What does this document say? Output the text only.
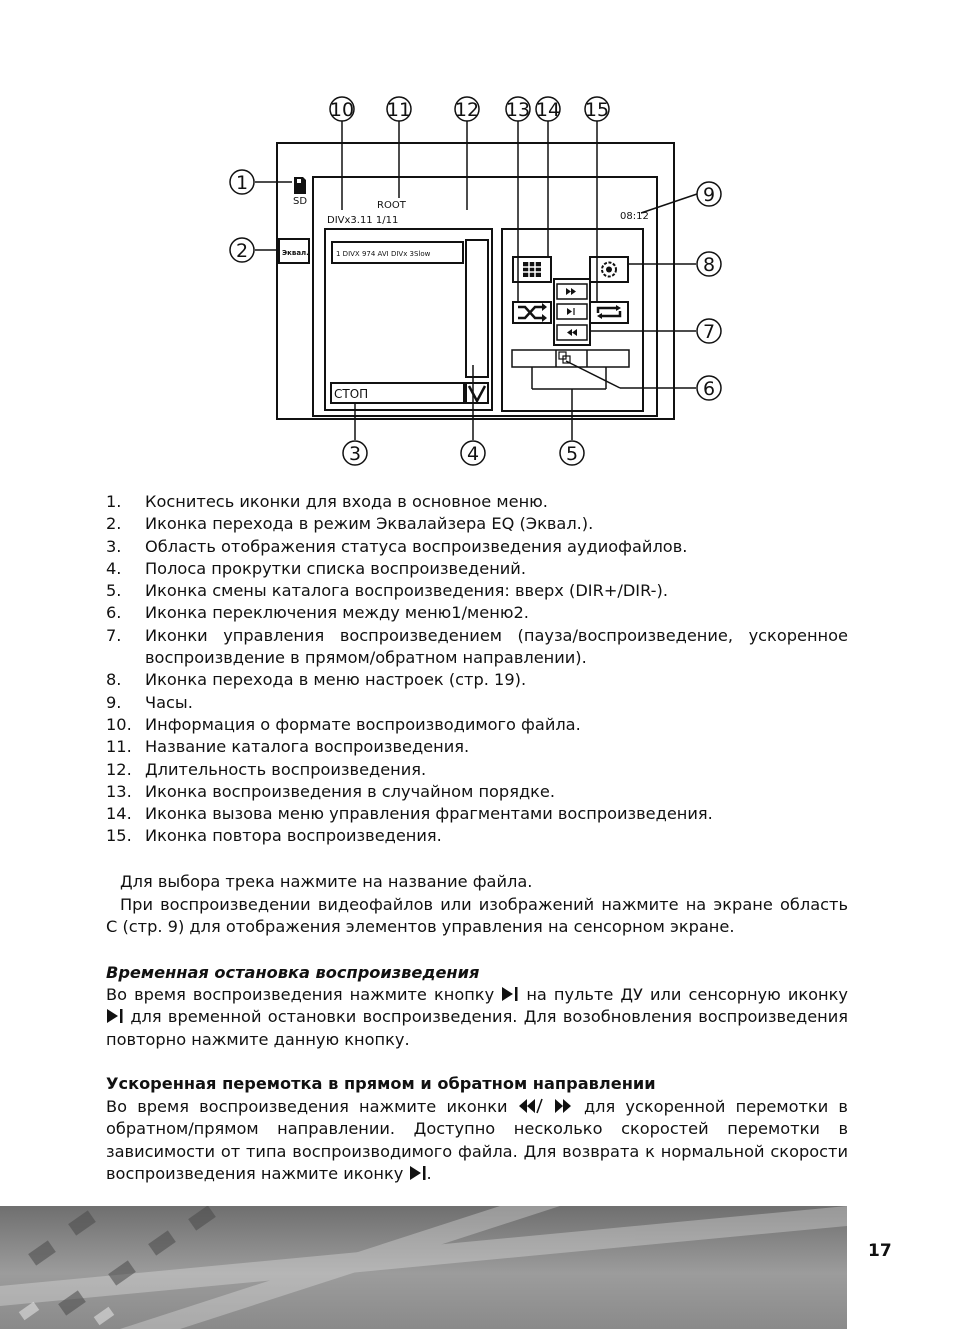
SD
Эквал.
ROOT
DIVx3.11 1/11	08:12
1 DIVX 974 AVI DIVx 3Slow
СТОП
1
2
3	4	5
6
7
8
9
10 11 12 13 14 15
1.	Коснитесь иконки для входа в основное меню.
2.	Иконка перехода в режим Эквалайзера EQ (Эквал.).
3.	Область отображения статуса воспроизведения аудиофайлов.
4.	Полоса прокрутки списка воспроизведений.
5.	Иконка смены каталога воспроизведения: вверх (DIR+/DIR-).
6.	Иконка переключения между меню1/меню2.
7.	Иконки управления воспроизведением (пауза/воспроизведение, ускоренное воспроизвдение в прямом/обратном направлении).
8.	Иконка перехода в меню настроек (стр. 19).
9.	Часы.
10. Информация о формате воспроизводимого файла.
11. Название каталога воспроизведения.
12. Длительность воспроизведения.
13. Иконка воспроизведения в случайном порядке.
14. Иконка вызова меню управления фрагментами воспроизведения.
15. Иконка повтора воспроизведения.

Для выбора трека нажмите на название файла.

При воспроизведении видеофайлов или изображений нажмите на экране область С (стр. 9) для отображения элементов управления на сенсорном экране.

Временная остановка воспроизведения

Во время воспроизведения нажмите кнопку на пульте ДУ или сенсорную иконку  для временной остановки воспроизведения. Для возобновления воспроизведения повторно нажмите данную кнопку.

Ускоренная перемотка в прямом и обратном направлении

Во время воспроизведения нажмите иконки	для ускоренной перемотки в обратном/прямом направлении. Доступно несколько скоростей перемотки в зависимости от типа воспроизводимого файла. Для возврата к нормальной скорости воспроизведения нажмите иконку .

17
